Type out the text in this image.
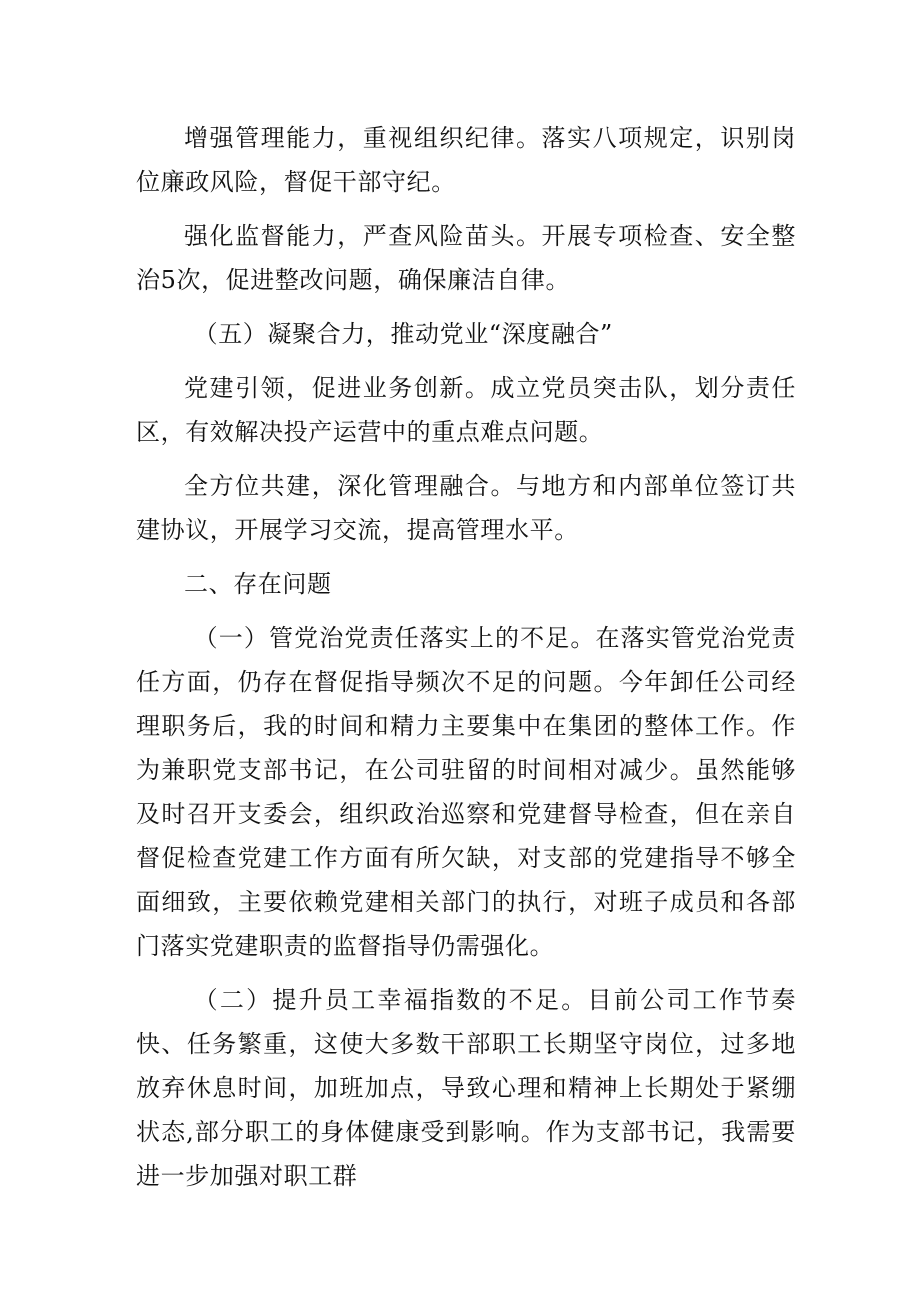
增强管理能力，重视组织纪律。落实八项规定，识别岗位廉政风险，督促干部守纪。

强化监督能力，严查风险苗头。开展专项检查、安全整治5次，促进整改问题，确保廉洁自律。

（五）凝聚合力，推动党业“深度融合”

党建引领，促进业务创新。成立党员突击队，划分责任区，有效解决投产运营中的重点难点问题。

全方位共建，深化管理融合。与地方和内部单位签订共建协议，开展学习交流，提高管理水平。

二、存在问题

（一）管党治党责任落实上的不足。在落实管党治党责任方面，仍存在督促指导频次不足的问题。今年卸任公司经理职务后，我的时间和精力主要集中在集团的整体工作。作为兼职党支部书记，在公司驻留的时间相对减少。虽然能够及时召开支委会，组织政治巡察和党建督导检查，但在亲自督促检查党建工作方面有所欠缺，对支部的党建指导不够全面细致，主要依赖党建相关部门的执行，对班子成员和各部门落实党建职责的监督指导仍需强化。

（二）提升员工幸福指数的不足。目前公司工作节奏快、任务繁重，这使大多数干部职工长期坚守岗位，过多地放弃休息时间，加班加点，导致心理和精神上长期处于紧绷状态,部分职工的身体健康受到影响。作为支部书记，我需要进一步加强对职工群
